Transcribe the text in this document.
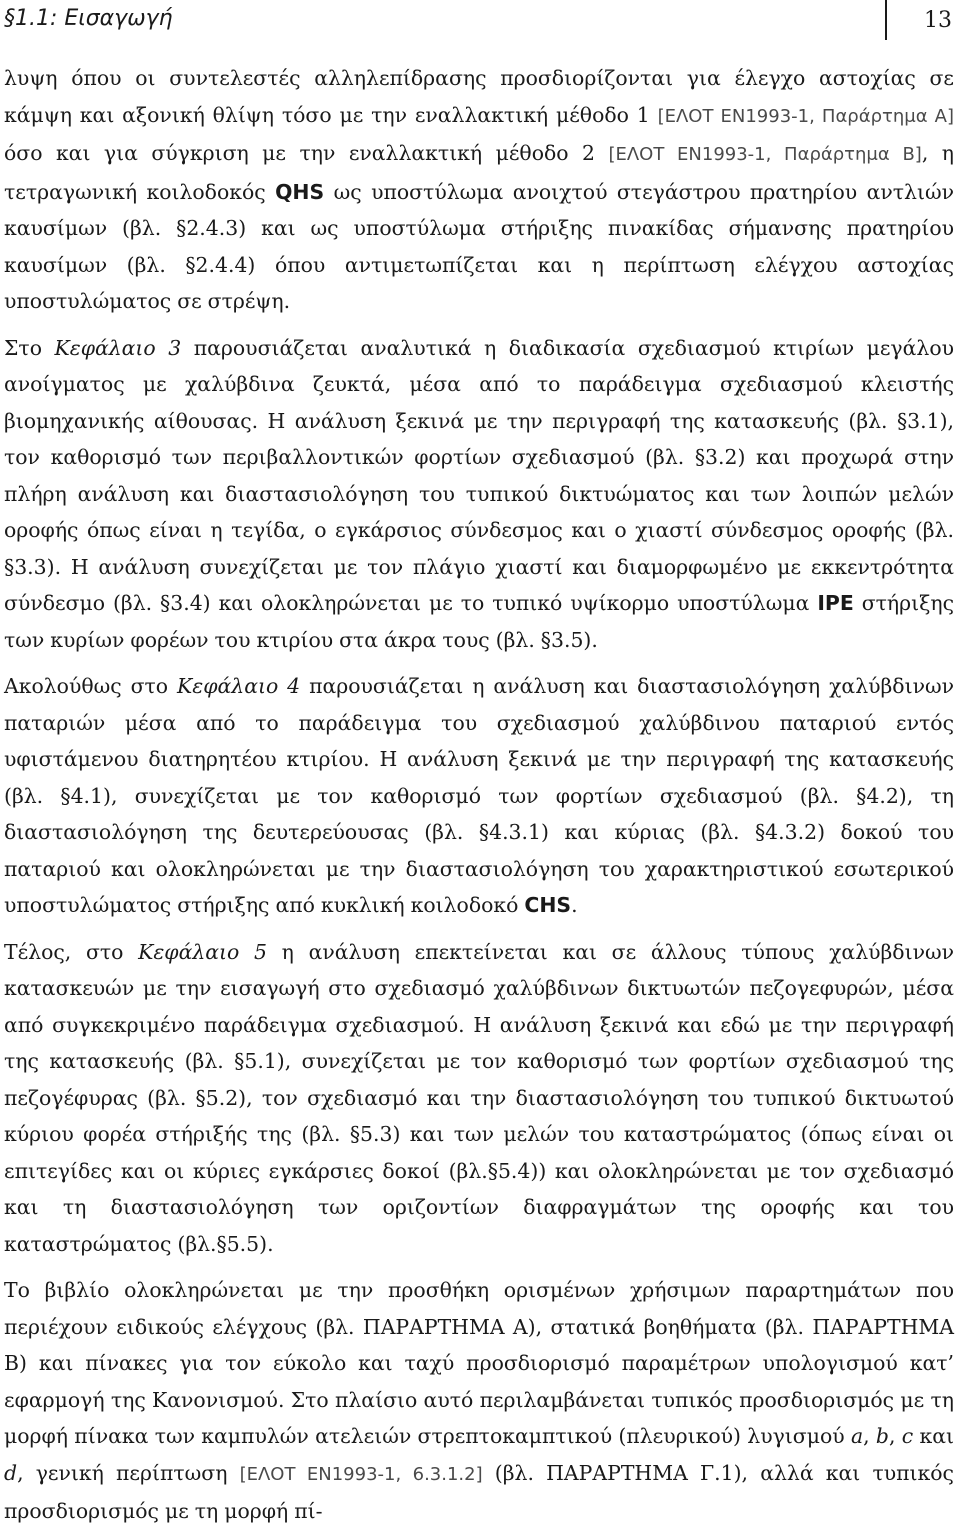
§1.1: Εισαγωγή	13

λυψη όπου οι συντελεστές αλληλεπίδρασης προσδιορίζονται για έλεγχο αστοχίας σε κάμψη και αξονική θλίψη τόσο με την εναλλακτική μέθοδο 1 [ΕΛΟΤ EN1993-1, Παράρτημα A] όσο και για σύγκριση με την εναλλακτική μέθοδο 2 [ΕΛΟΤ EN1993-1, Παράρτημα B], η τετραγωνική κοιλοδοκός QHS ως υποστύλωμα ανοιχτού στεγάστρου πρατηρίου αντλιών καυσίμων (βλ. §2.4.3) και ως υποστύλωμα στήριξης πινακίδας σήμανσης πρατηρίου καυσίμων (βλ. §2.4.4) όπου αντιμετωπίζεται και η περίπτωση ελέγχου αστοχίας υποστυλώματος σε στρέψη.

Στο Κεφάλαιο 3 παρουσιάζεται αναλυτικά η διαδικασία σχεδιασμού κτιρίων μεγάλου ανοίγματος με χαλύβδινα ζευκτά, μέσα από το παράδειγμα σχεδιασμού κλειστής βιομηχανικής αίθουσας. Η ανάλυση ξεκινά με την περιγραφή της κατασκευής (βλ. §3.1), τον καθορισμό των περιβαλλοντικών φορτίων σχεδιασμού (βλ. §3.2) και προχωρά στην πλήρη ανάλυση και διαστασιολόγηση του τυπικού δικτυώματος και των λοιπών μελών οροφής όπως είναι η τεγίδα, ο εγκάρσιος σύνδεσμος και ο χιαστί σύνδεσμος οροφής (βλ. §3.3). Η ανάλυση συνεχίζεται με τον πλάγιο χιαστί και διαμορφωμένο με εκκεντρότητα σύνδεσμο (βλ. §3.4) και ολοκληρώνεται με το τυπικό υψίκορμο υποστύλωμα IPE στήριξης των κυρίων φορέων του κτιρίου στα άκρα τους (βλ. §3.5).

Ακολούθως στο Κεφάλαιο 4 παρουσιάζεται η ανάλυση και διαστασιολόγηση χαλύβδινων παταριών μέσα από το παράδειγμα του σχεδιασμού χαλύβδινου παταριού εντός υφιστάμενου διατηρητέου κτιρίου. Η ανάλυση ξεκινά με την περιγραφή της κατασκευής (βλ. §4.1), συνεχίζεται με τον καθορισμό των φορτίων σχεδιασμού (βλ. §4.2), τη διαστασιολόγηση της δευτερεύουσας (βλ. §4.3.1) και κύριας (βλ. §4.3.2) δοκού του παταριού και ολοκληρώνεται με την διαστασιολόγηση του χαρακτηριστικού εσωτερικού υποστυλώματος στήριξης από κυκλική κοιλοδοκό CHS.

Τέλος, στο Κεφάλαιο 5 η ανάλυση επεκτείνεται και σε άλλους τύπους χαλύβδινων κατασκευών με την εισαγωγή στο σχεδιασμό χαλύβδινων δικτυωτών πεζογεφυρών, μέσα από συγκεκριμένο παράδειγμα σχεδιασμού. Η ανάλυση ξεκινά και εδώ με την περιγραφή της κατασκευής (βλ. §5.1), συνεχίζεται με τον καθορισμό των φορτίων σχεδιασμού της πεζογέφυρας (βλ. §5.2), τον σχεδιασμό και την διαστασιολόγηση του τυπικού δικτυωτού κύριου φορέα στήριξής της (βλ. §5.3) και των μελών του καταστρώματος (όπως είναι οι επιτεγίδες και οι κύριες εγκάρσιες δοκοί (βλ.§5.4)) και ολοκληρώνεται με τον σχεδιασμό και τη διαστασιολόγηση των οριζοντίων διαφραγμάτων της οροφής και του καταστρώματος (βλ.§5.5).

Το βιβλίο ολοκληρώνεται με την προσθήκη ορισμένων χρήσιμων παραρτημάτων που περιέχουν ειδικούς ελέγχους (βλ. ΠΑΡΑΡΤΗΜΑ A), στατικά βοηθήματα (βλ. ΠΑΡΑΡΤΗΜΑ B) και πίνακες για τον εύκολο και ταχύ προσδιορισμό παραμέτρων υπολογισμού κατ’ εφαρμογή της Κανονισμού. Στο πλαίσιο αυτό περιλαμβάνεται τυπικός προσδιορισμός με τη μορφή πίνακα των καμπυλών ατελειών στρεπτοκαμπτικού (πλευρικού) λυγισμού a, b, c και d, γενική περίπτωση [ΕΛΟΤ EN1993-1, 6.3.1.2] (βλ. ΠΑΡΑΡΤΗΜΑ Γ.1), αλλά και τυπικός προσδιορισμός με τη μορφή πί-
